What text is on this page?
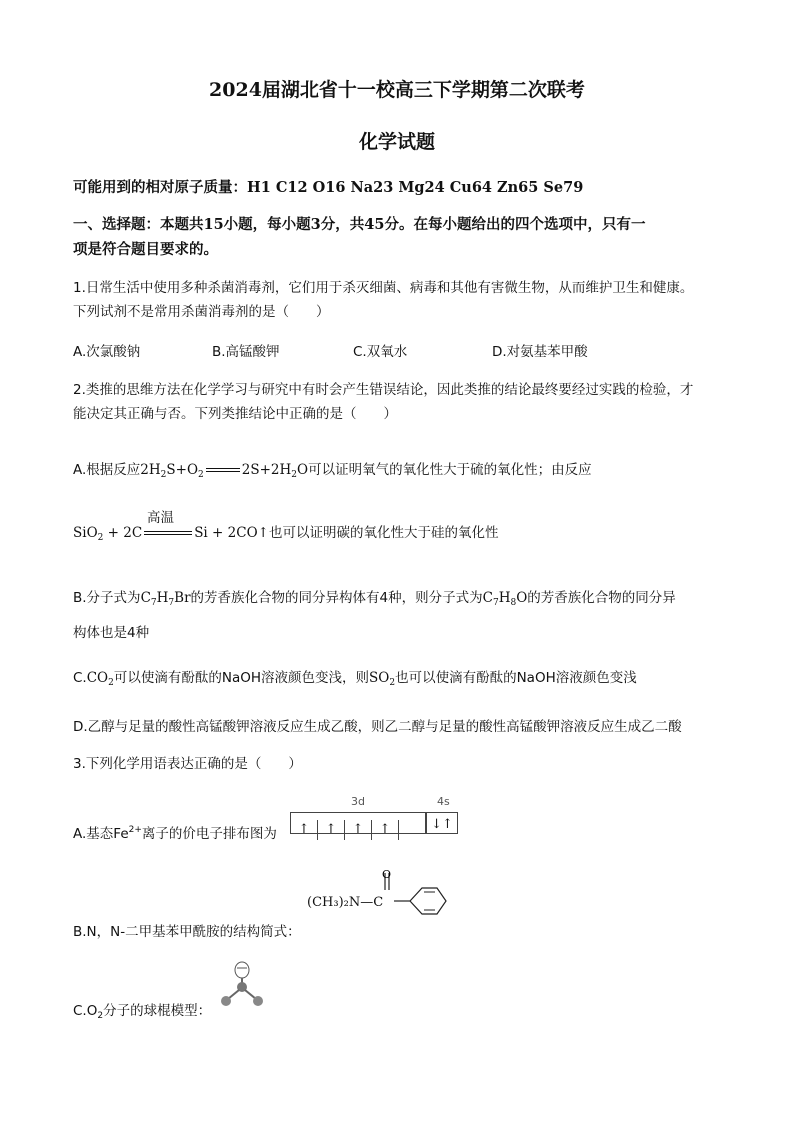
2024届湖北省十一校高三下学期第二次联考
化学试题
可能用到的相对原子质量：H1 C12 O16 Na23 Mg24 Cu64 Zn65 Se79
一、选择题：本题共15小题，每小题3分，共45分。在每小题给出的四个选项中，只有一
项是符合题目要求的。
1.日常生活中使用多种杀菌消毒剂，它们用于杀灭细菌、病毒和其他有害微生物，从而维护卫生和健康。
下列试剂不是常用杀菌消毒剂的是（　　）
A.次氯酸钠	B.高锰酸钾	C.双氧水	D.对氨基苯甲酸
2.类推的思维方法在化学学习与研究中有时会产生错误结论，因此类推的结论最终要经过实践的检验，才
能决定其正确与否。下列类推结论中正确的是（　　）
A.根据反应$2H_2S+O_2$	$2S+2H_2O$可以证明氧气的氧化性大于硫的氧化性；由反应
高温
SiO$_2$ + 2C	Si + 2CO↑也可以证明碳的氧化性大于硅的氧化性
B.分子式为$C_7H_7Br$的芳香族化合物的同分异构体有4种，则分子式为$C_7H_8O$的芳香族化合物的同分异
构体也是4种
$C.CO_2$可以使滴有酚酞的NaOH溶液颜色变浅，则$SO_2$也可以使滴有酚酞的NaOH溶液颜色变浅
D.乙醇与足量的酸性高锰酸钾溶液反应生成乙酸，则乙二醇与足量的酸性高锰酸钾溶液反应生成乙二酸
3.下列化学用语表达正确的是（　　）
3d	4s
A.基态$Fe^{2+}$离子的价电子排布图为	↑ ↑ ↑ ↑	↓↑
(CH₃)₂N—C
O
B.N，N-二甲基苯甲酰胺的结构简式：
$C.O_2$分子的球棍模型：
